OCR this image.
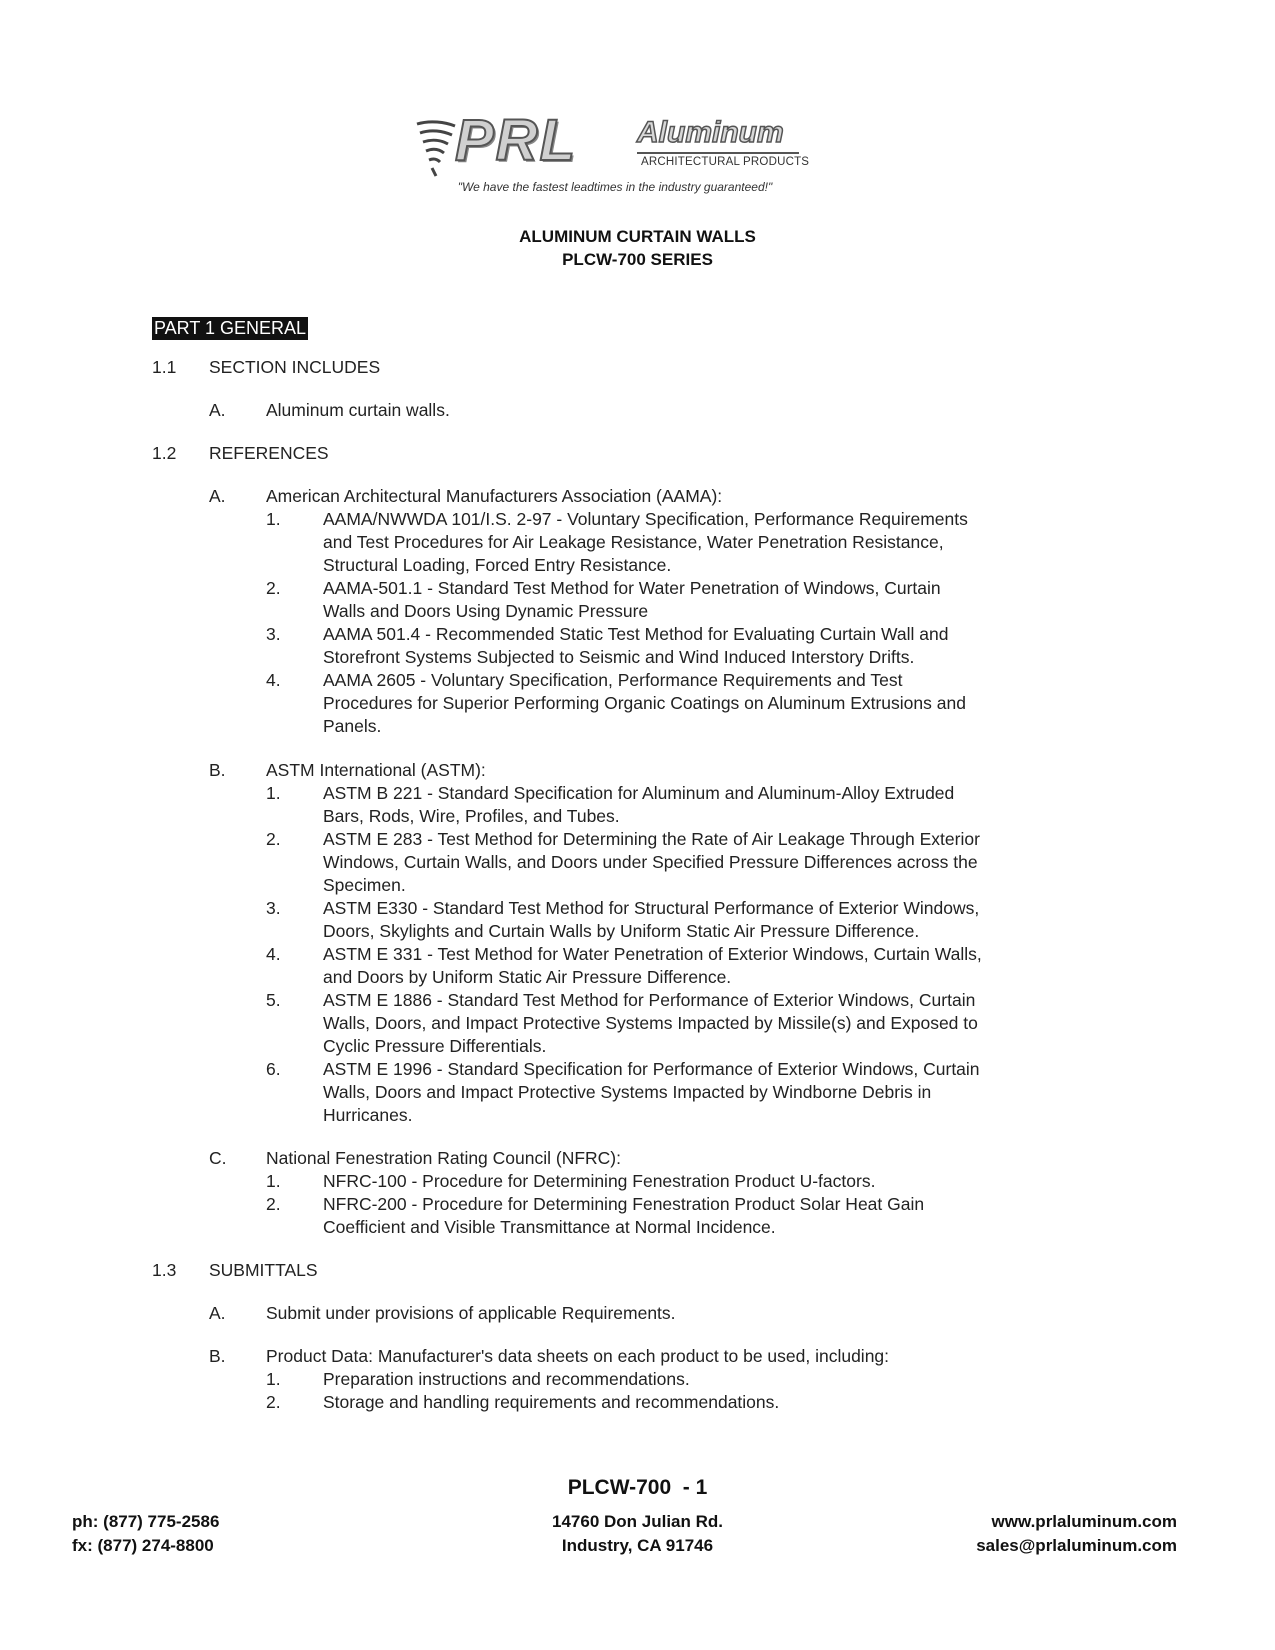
PRL Aluminum
ARCHITECTURAL PRODUCTS
"We have the fastest leadtimes in the industry guaranteed!"
ALUMINUM CURTAIN WALLS
PLCW-700 SERIES
PART 1 GENERAL
1.1 SECTION INCLUDES
A. Aluminum curtain walls.
1.2 REFERENCES
A. American Architectural Manufacturers Association (AAMA):
1. AAMA/NWWDA 101/I.S. 2-97 - Voluntary Specification, Performance Requirements
and Test Procedures for Air Leakage Resistance, Water Penetration Resistance,
Structural Loading, Forced Entry Resistance.
2. AAMA-501.1 - Standard Test Method for Water Penetration of Windows, Curtain
Walls and Doors Using Dynamic Pressure
3. AAMA 501.4 - Recommended Static Test Method for Evaluating Curtain Wall and
Storefront Systems Subjected to Seismic and Wind Induced Interstory Drifts.
4. AAMA 2605 - Voluntary Specification, Performance Requirements and Test
Procedures for Superior Performing Organic Coatings on Aluminum Extrusions and
Panels.
B. ASTM International (ASTM):
1. ASTM B 221 - Standard Specification for Aluminum and Aluminum-Alloy Extruded
Bars, Rods, Wire, Profiles, and Tubes.
2. ASTM E 283 - Test Method for Determining the Rate of Air Leakage Through Exterior
Windows, Curtain Walls, and Doors under Specified Pressure Differences across the
Specimen.
3. ASTM E330 - Standard Test Method for Structural Performance of Exterior Windows,
Doors, Skylights and Curtain Walls by Uniform Static Air Pressure Difference.
4. ASTM E 331 - Test Method for Water Penetration of Exterior Windows, Curtain Walls,
and Doors by Uniform Static Air Pressure Difference.
5. ASTM E 1886 - Standard Test Method for Performance of Exterior Windows, Curtain
Walls, Doors, and Impact Protective Systems Impacted by Missile(s) and Exposed to
Cyclic Pressure Differentials.
6. ASTM E 1996 - Standard Specification for Performance of Exterior Windows, Curtain
Walls, Doors and Impact Protective Systems Impacted by Windborne Debris in
Hurricanes.
C. National Fenestration Rating Council (NFRC):
1. NFRC-100 - Procedure for Determining Fenestration Product U-factors.
2. NFRC-200 - Procedure for Determining Fenestration Product Solar Heat Gain
Coefficient and Visible Transmittance at Normal Incidence.
1.3 SUBMITTALS
A. Submit under provisions of applicable Requirements.
B. Product Data: Manufacturer's data sheets on each product to be used, including:
1. Preparation instructions and recommendations.
2. Storage and handling requirements and recommendations.
PLCW-700  - 1
ph: (877) 775-2586
fx: (877) 274-8800
14760 Don Julian Rd.
Industry, CA 91746
www.prlaluminum.com
sales@prlaluminum.com
